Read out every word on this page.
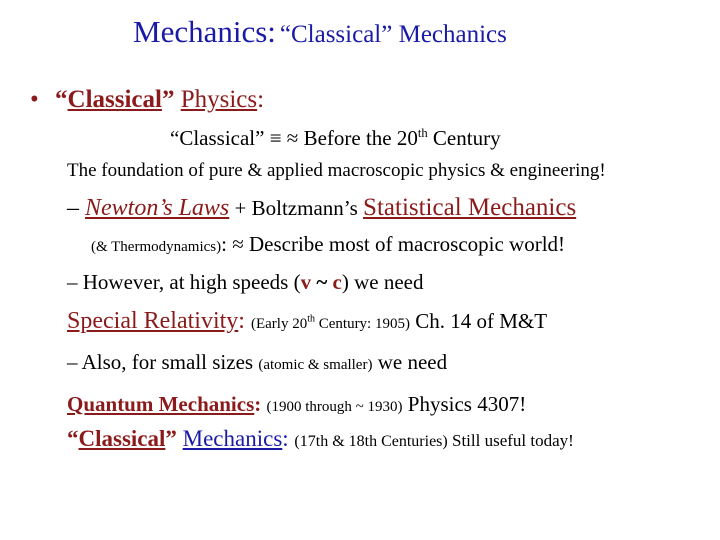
Mechanics: “Classical” Mechanics
• “Classical” Physics:
“Classical” ≡ ≈ Before the 20th Century
The foundation of pure & applied macroscopic physics & engineering!
– Newton’s Laws + Boltzmann’s Statistical Mechanics
(& Thermodynamics): ≈ Describe most of macroscopic world!
– However, at high speeds (v ~ c) we need
Special Relativity: (Early 20th Century: 1905) Ch. 14 of M&T
– Also, for small sizes (atomic & smaller) we need
Quantum Mechanics: (1900 through ~ 1930) Physics 4307!
“Classical” Mechanics: (17th & 18th Centuries) Still useful today!
